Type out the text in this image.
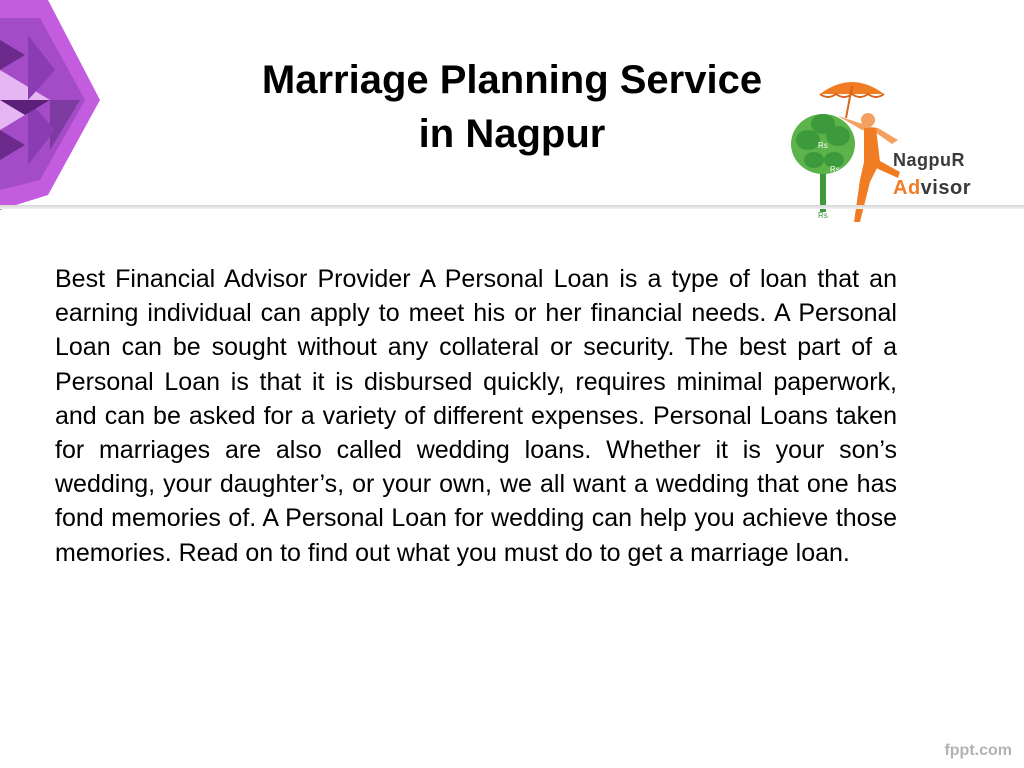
Marriage Planning Service
in Nagpur	Rs
Rs
Rs
NagpuR
Advisor

Best Financial Advisor Provider A Personal Loan is a type of loan that an earning individual can apply to meet his or her financial needs. A Personal Loan can be sought without any collateral or security. The best part of a Personal Loan is that it is disbursed quickly, requires minimal paperwork, and can be asked for a variety of different expenses. Personal Loans taken for marriages are also called wedding loans. Whether it is your son’s wedding, your daughter’s, or your own, we all want a wedding that one has fond memories of. A Personal Loan for wedding can help you achieve those memories. Read on to find out what you must do to get a marriage loan.

fppt.com
